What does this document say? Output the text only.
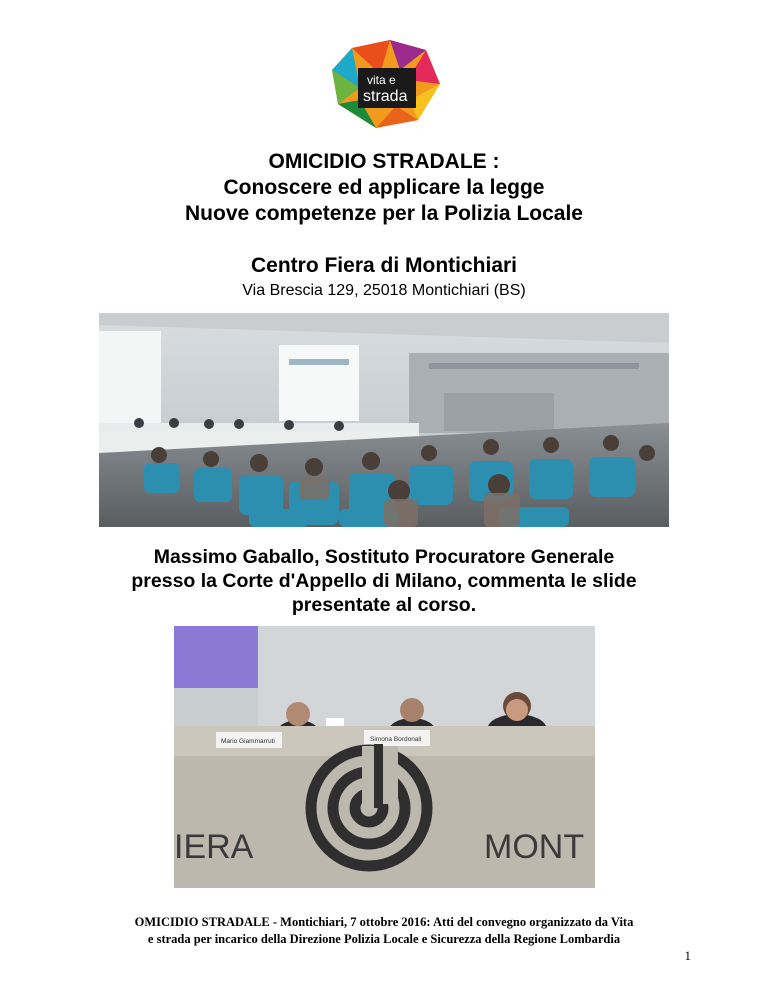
vita e
strada
OMICIDIO STRADALE :
Conoscere ed applicare la legge
Nuove competenze per la Polizia Locale
Centro Fiera di Montichiari
Via Brescia 129, 25018 Montichiari (BS)
Massimo Gaballo, Sostituto Procuratore Generale
presso la Corte d'Appello di Milano, commenta le slide
presentate al corso.
Mario Giammarruti	Simona Bordonali
IERA	MONT
OMICIDIO STRADALE - Montichiari, 7 ottobre 2016: Atti del convegno organizzato da Vita
e strada per incarico della Direzione Polizia Locale e Sicurezza della Regione Lombardia
1
